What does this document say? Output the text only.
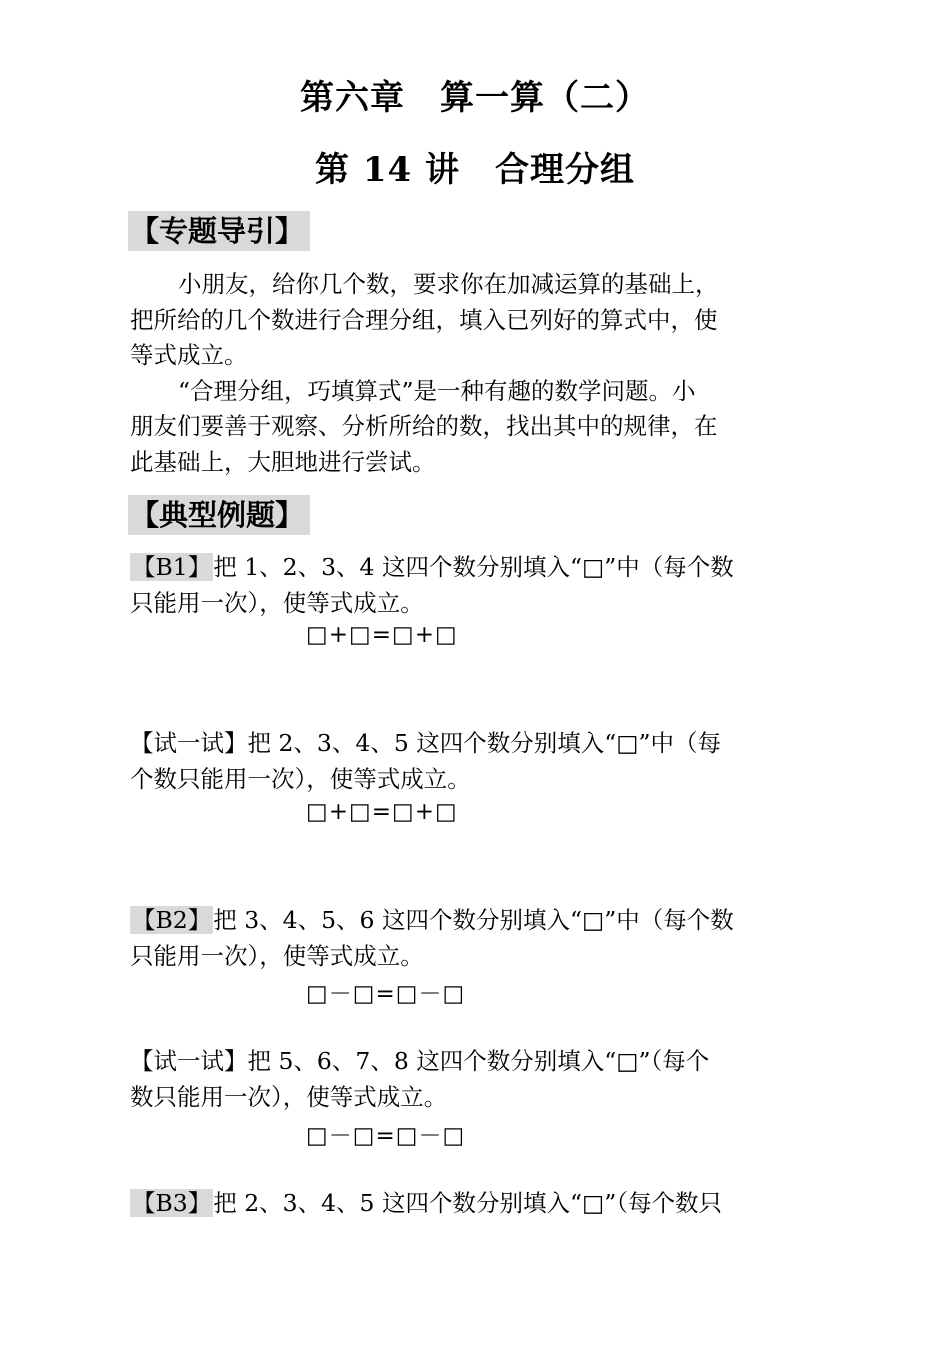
第六章　算一算（二）
第 14 讲　合理分组
【专题导引】
小朋友，给你几个数，要求你在加减运算的基础上，
把所给的几个数进行合理分组，填入已列好的算式中，使
等式成立。
“合理分组，巧填算式”是一种有趣的数学问题。小
朋友们要善于观察、分析所给的数，找出其中的规律，在
此基础上，大胆地进行尝试。
【典型例题】
【B1】把 1、2、3、4 这四个数分别填入“□”中（每个数
只能用一次），使等式成立。
□+□=□+□
【试一试】把 2、3、4、5 这四个数分别填入“□”中（每
个数只能用一次），使等式成立。
□+□=□+□
【B2】把 3、4、5、6 这四个数分别填入“□”中（每个数
只能用一次），使等式成立。
□－□=□－□
【试一试】把 5、6、7、8 这四个数分别填入“□”（每个
数只能用一次），使等式成立。
□－□=□－□
【B3】把 2、3、4、5 这四个数分别填入“□”（每个数只
